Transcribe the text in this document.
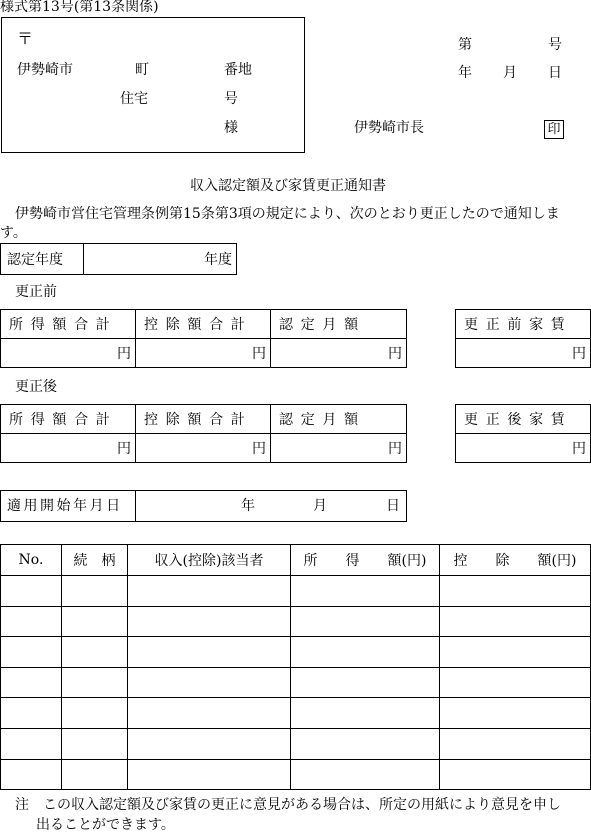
様式第13号(第13条関係)
〒
伊勢崎市	町	番地
住宅	号
様
第	号
年 月 日
伊勢崎市長	印
収入認定額及び家賃更正通知書
伊勢崎市営住宅管理条例第15条第3項の規定により、次のとおり更正したので通知しま
す。
認定年度	年度
更正前
所得額合計	控除額合計	認定月額
円	円	円
更正前家賃
円
更正後
所得額合計	控除額合計	認定月額
円	円	円
更正後家賃
円
適用開始年月日	年	月	日
No.	続　柄	収入(控除)該当者	所　　得　　額(円)	控　　除　　額(円)

注　この収入認定額及び家賃の更正に意見がある場合は、所定の用紙により意見を申し
出ることができます。
